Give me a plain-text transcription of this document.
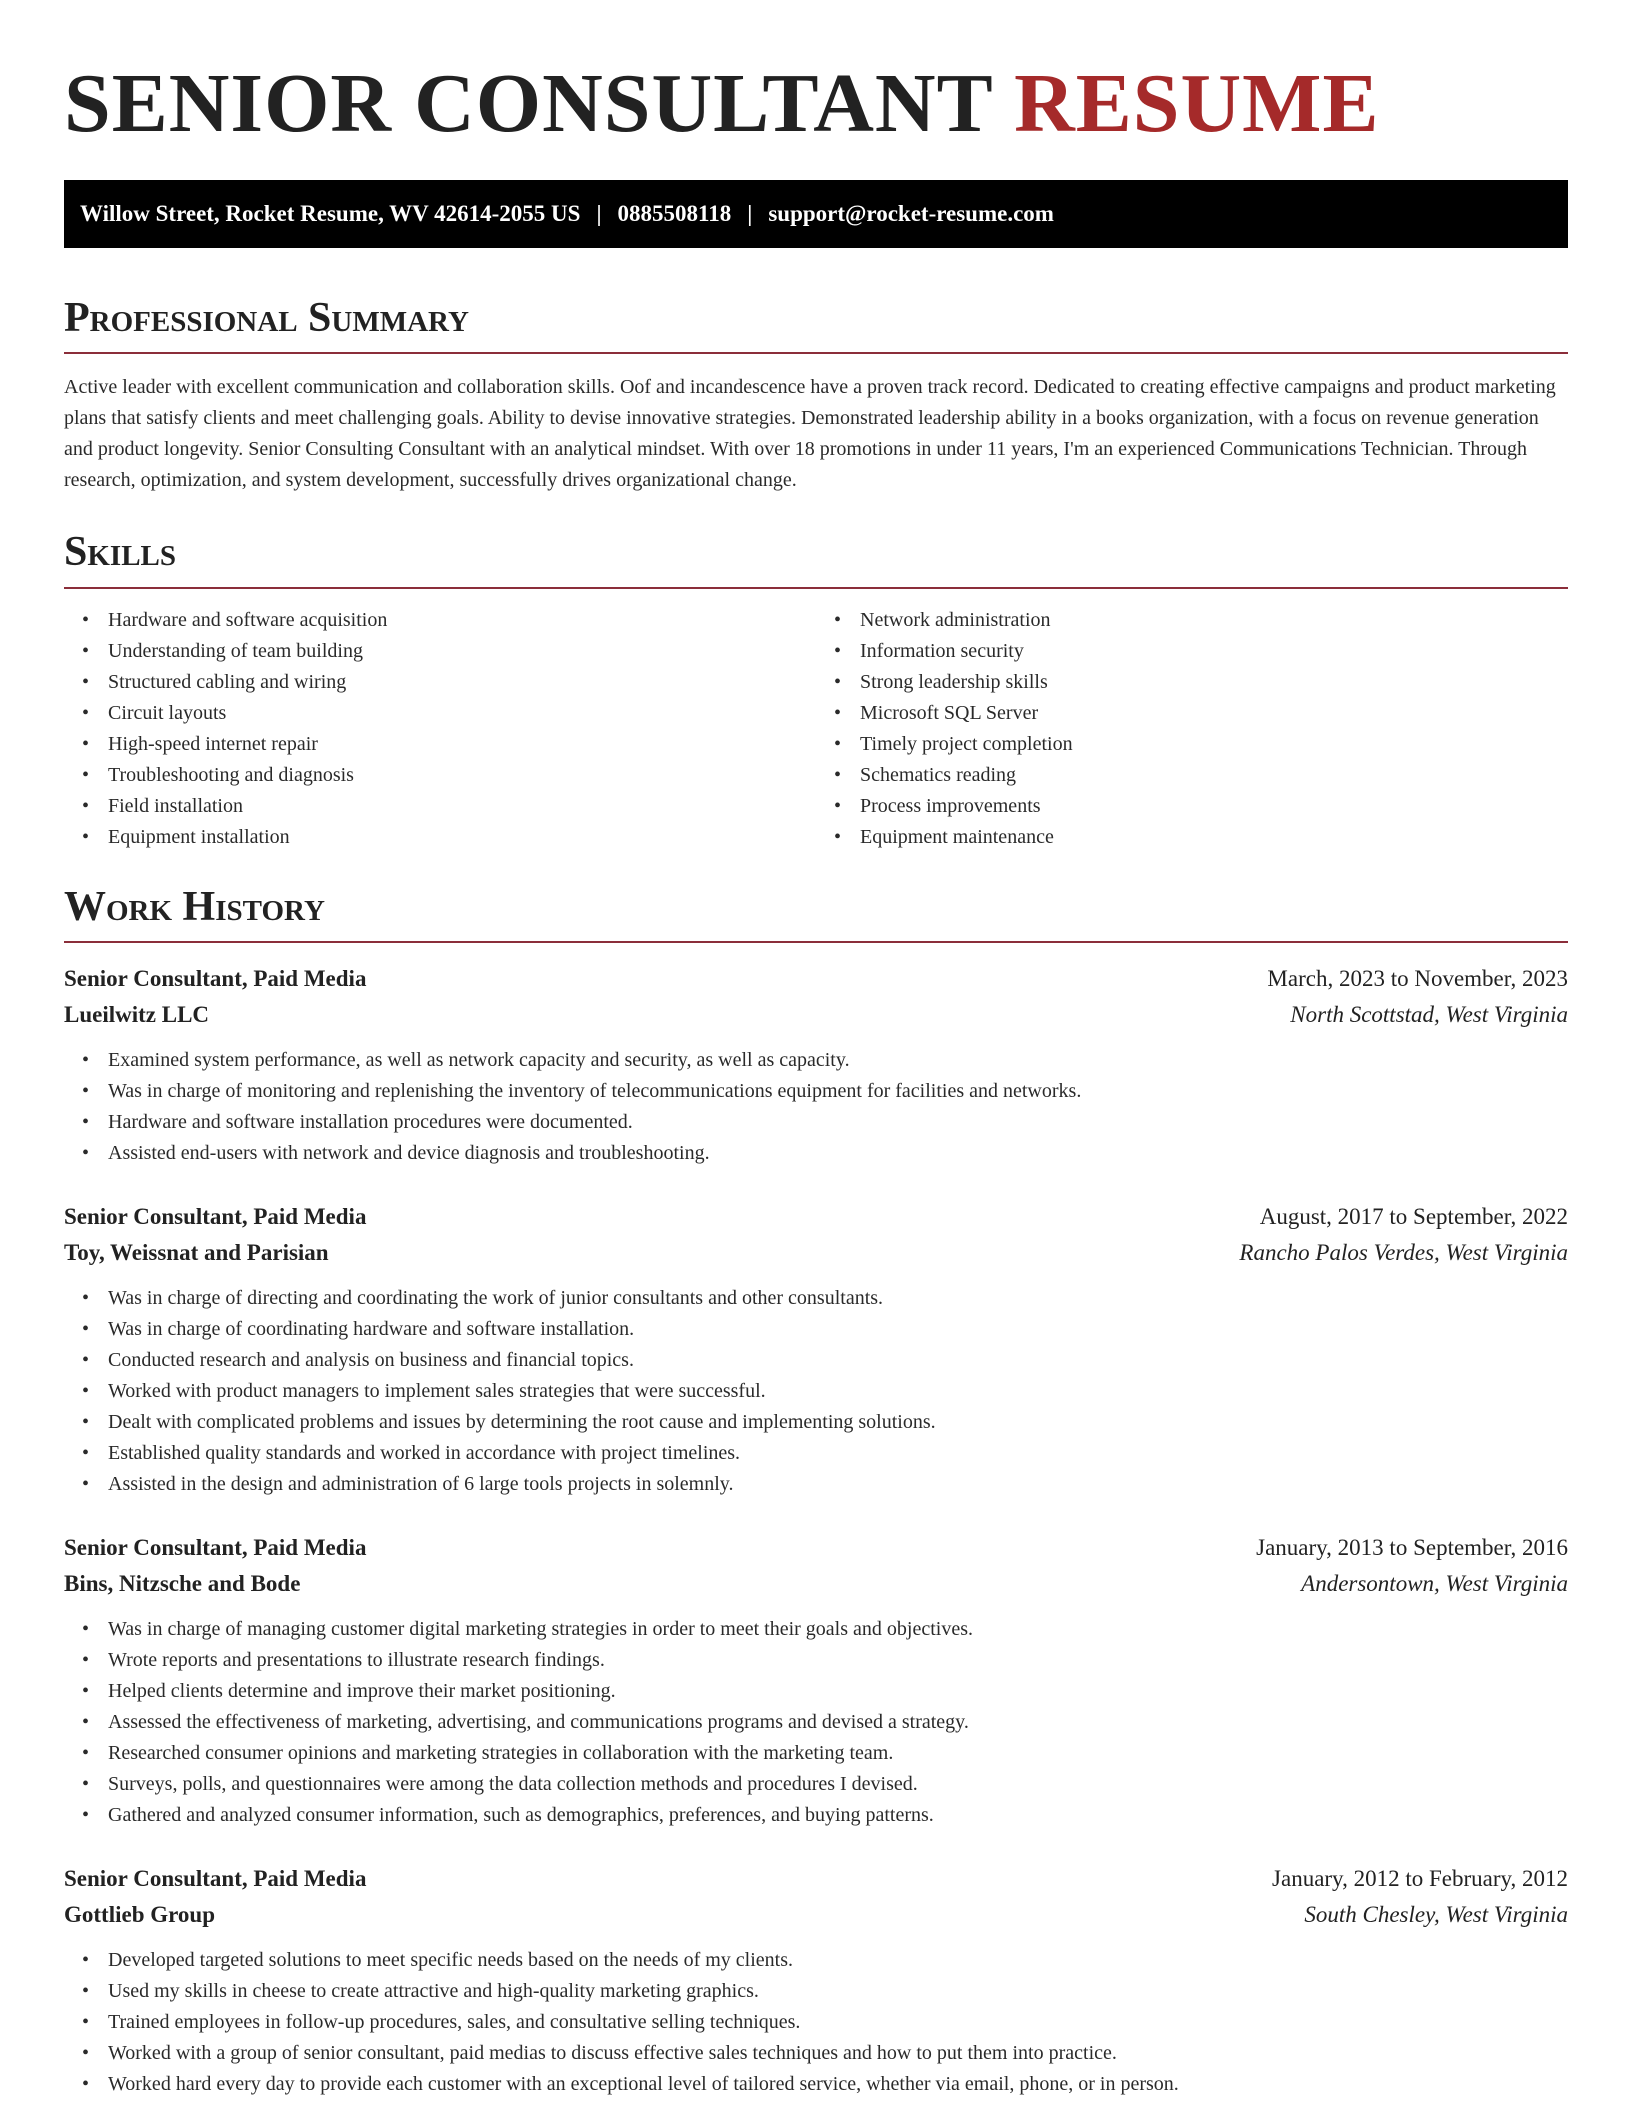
SENIOR CONSULTANT RESUME
Willow Street, Rocket Resume, WV 42614-2055 US | 0885508118 | support@rocket-resume.com
Professional Summary

Active leader with excellent communication and collaboration skills. Oof and incandescence have a proven track record. Dedicated to creating effective campaigns and product marketing plans that satisfy clients and meet challenging goals. Ability to devise innovative strategies. Demonstrated leadership ability in a books organization, with a focus on revenue generation and product longevity. Senior Consulting Consultant with an analytical mindset. With over 18 promotions in under 11 years, I'm an experienced Communications Technician. Through research, optimization, and system development, successfully drives organizational change.

Skills
• Hardware and software acquisition
• Understanding of team building
• Structured cabling and wiring
• Circuit layouts
• High-speed internet repair
• Troubleshooting and diagnosis
• Field installation
• Equipment installation
• Network administration
• Information security
• Strong leadership skills
• Microsoft SQL Server
• Timely project completion
• Schematics reading
• Process improvements
• Equipment maintenance
Work History
Senior Consultant, Paid Media	March, 2023 to November, 2023
Lueilwitz LLC	North Scottstad, West Virginia
• Examined system performance, as well as network capacity and security, as well as capacity.
• Was in charge of monitoring and replenishing the inventory of telecommunications equipment for facilities and networks.
• Hardware and software installation procedures were documented.
• Assisted end-users with network and device diagnosis and troubleshooting.
Senior Consultant, Paid Media	August, 2017 to September, 2022
Toy, Weissnat and Parisian	Rancho Palos Verdes, West Virginia
• Was in charge of directing and coordinating the work of junior consultants and other consultants.
• Was in charge of coordinating hardware and software installation.
• Conducted research and analysis on business and financial topics.
• Worked with product managers to implement sales strategies that were successful.
• Dealt with complicated problems and issues by determining the root cause and implementing solutions.
• Established quality standards and worked in accordance with project timelines.
• Assisted in the design and administration of 6 large tools projects in solemnly.
Senior Consultant, Paid Media	January, 2013 to September, 2016
Bins, Nitzsche and Bode	Andersontown, West Virginia
• Was in charge of managing customer digital marketing strategies in order to meet their goals and objectives.
• Wrote reports and presentations to illustrate research findings.
• Helped clients determine and improve their market positioning.
• Assessed the effectiveness of marketing, advertising, and communications programs and devised a strategy.
• Researched consumer opinions and marketing strategies in collaboration with the marketing team.
• Surveys, polls, and questionnaires were among the data collection methods and procedures I devised.
• Gathered and analyzed consumer information, such as demographics, preferences, and buying patterns.
Senior Consultant, Paid Media	January, 2012 to February, 2012
Gottlieb Group	South Chesley, West Virginia
• Developed targeted solutions to meet specific needs based on the needs of my clients.
• Used my skills in cheese to create attractive and high-quality marketing graphics.
• Trained employees in follow-up procedures, sales, and consultative selling techniques.
• Worked with a group of senior consultant, paid medias to discuss effective sales techniques and how to put them into practice.
• Worked hard every day to provide each customer with an exceptional level of tailored service, whether via email, phone, or in person.
